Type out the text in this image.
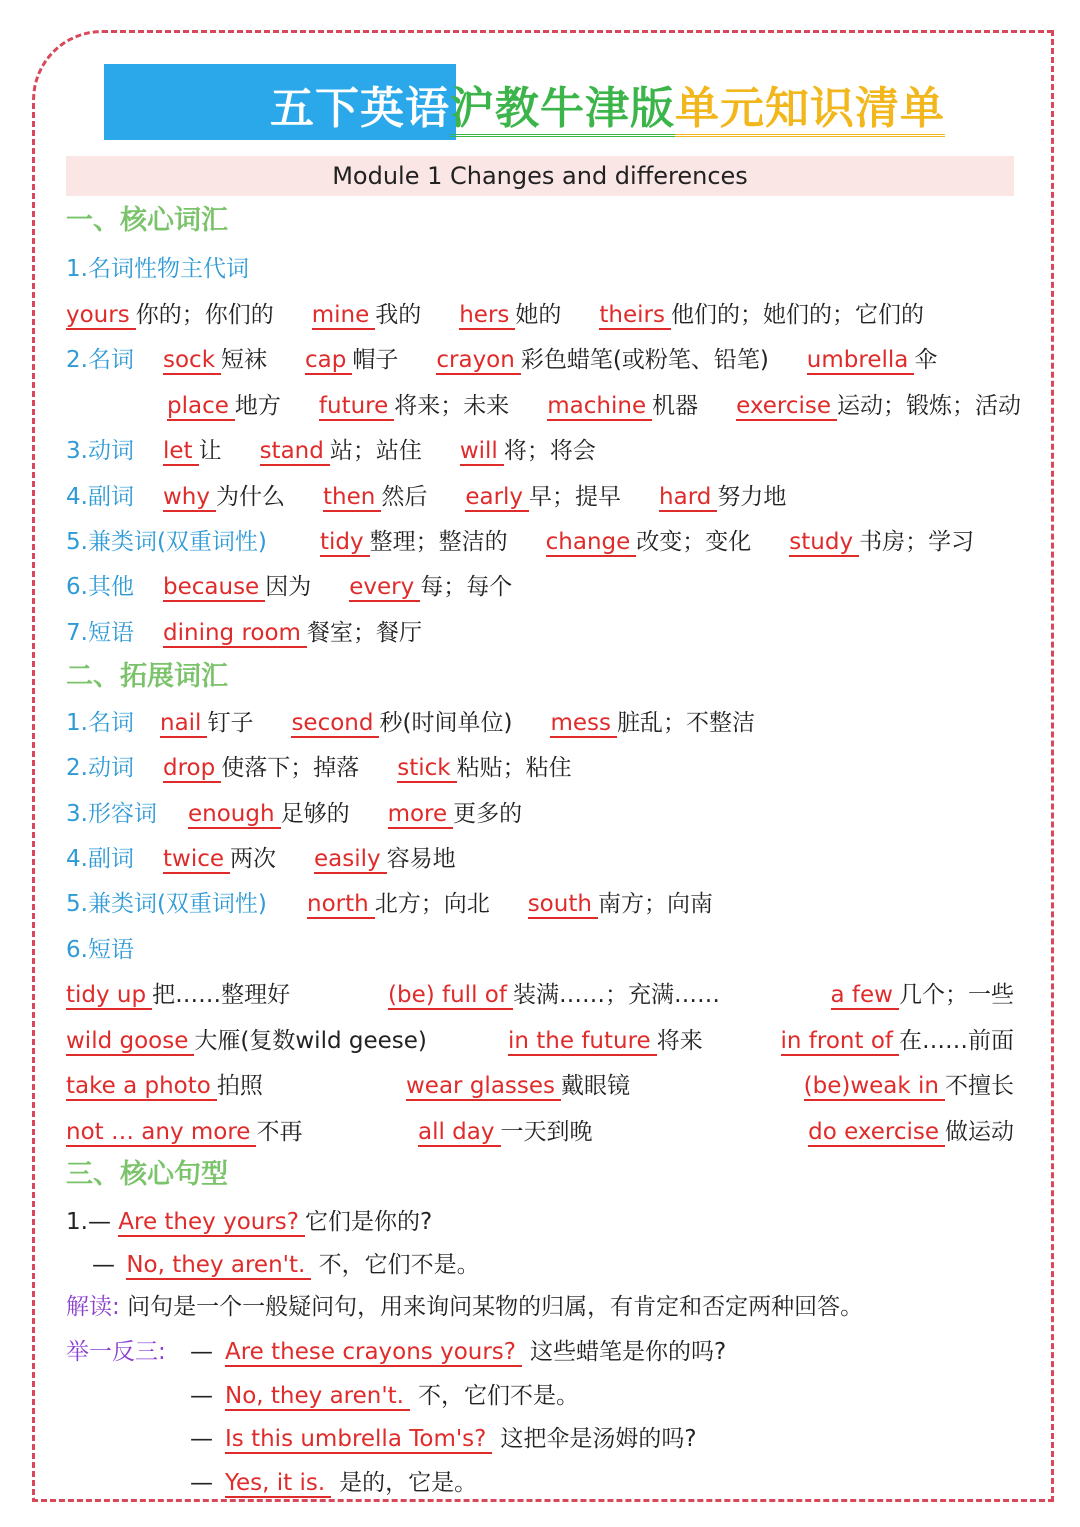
五下英语沪教牛津版单元知识清单
Module 1 Changes and differences
一、核心词汇
1.名词性物主代词
yours 你的；你们的 mine 我的 hers 她的 theirs 他们的；她们的；它们的
2.名词 sock 短袜 cap 帽子 crayon 彩色蜡笔(或粉笔、铅笔) umbrella 伞
place 地方 future 将来；未来 machine 机器 exercise 运动；锻炼；活动
3.动词 let 让 stand 站；站住 will 将；将会
4.副词 why 为什么 then 然后 early 早；提早 hard 努力地
5.兼类词(双重词性) tidy 整理；整洁的 change 改变；变化 study 书房；学习
6.其他 because 因为 every 每；每个
7.短语 dining room 餐室；餐厅
二、拓展词汇
1.名词 nail 钉子 second 秒(时间单位) mess 脏乱；不整洁
2.动词 drop 使落下；掉落 stick 粘贴；粘住
3.形容词 enough 足够的 more 更多的
4.副词 twice 两次 easily 容易地
5.兼类词(双重词性) north 北方；向北 south 南方；向南
6.短语
tidy up 把……整理好	(be) full of 装满……；充满……	a few 几个；一些
wild goose 大雁(复数wild geese)	in the future 将来	in front of 在……前面
take a photo 拍照	wear glasses 戴眼镜	(be)weak in 不擅长
not … any more 不再	all day 一天到晚	do exercise 做运动
三、核心句型
1.— Are they yours? 它们是你的?
— No, they aren't. 不，它们不是。
解读: 问句是一个一般疑问句，用来询问某物的归属，有肯定和否定两种回答。
举一反三: — Are these crayons yours? 这些蜡笔是你的吗?
— No, they aren't. 不，它们不是。
— Is this umbrella Tom's? 这把伞是汤姆的吗?
— Yes, it is. 是的，它是。
